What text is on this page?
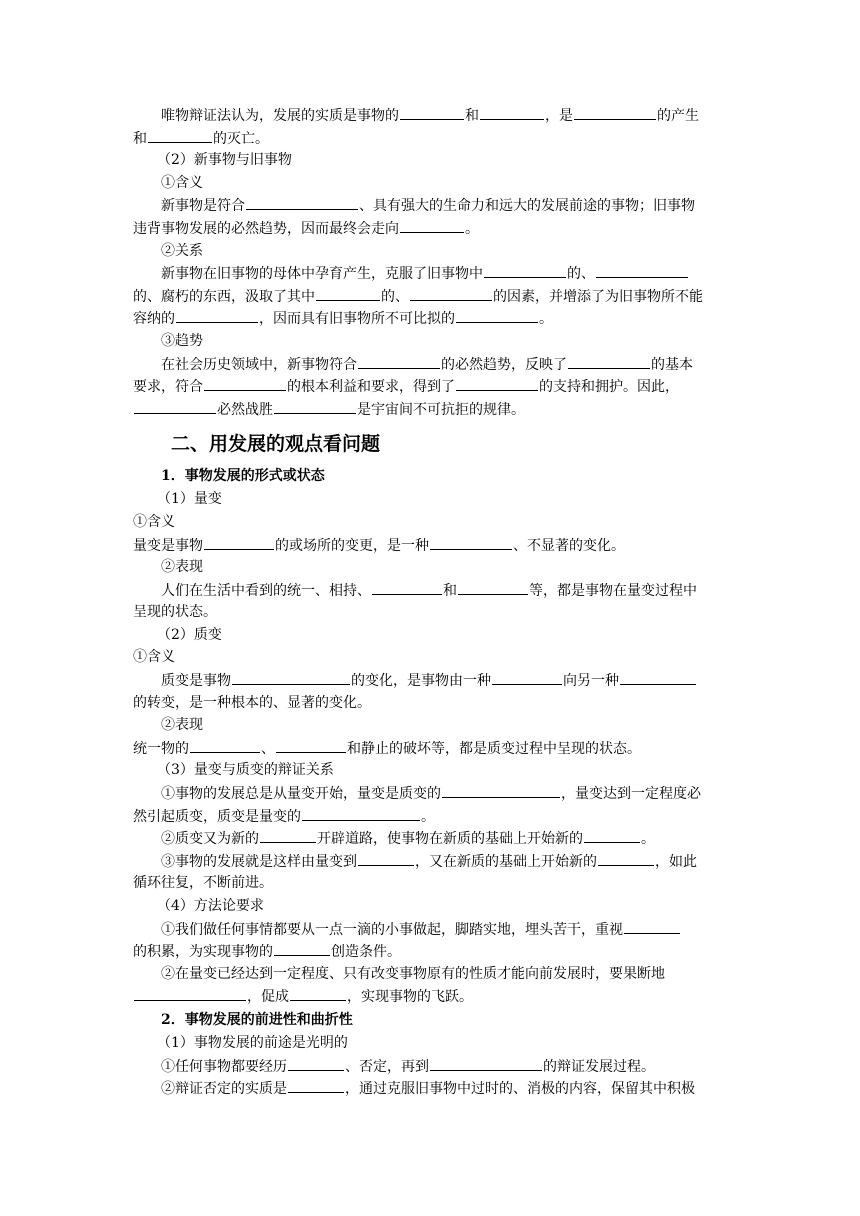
唯物辩证法认为，发展的实质是事物的	和	，是	的产生
和	的灭亡。
（2）新事物与旧事物
①含义
新事物是符合	、具有强大的生命力和远大的发展前途的事物；旧事物
违背事物发展的必然趋势，因而最终会走向	。
②关系
新事物在旧事物的母体中孕育产生，克服了旧事物中	的、
的、腐朽的东西，汲取了其中	的、	的因素，并增添了为旧事物所不能
容纳的	，因而具有旧事物所不可比拟的	。
③趋势
在社会历史领域中，新事物符合	的必然趋势，反映了	的基本
要求，符合	的根本利益和要求，得到了	的支持和拥护。因此，
必然战胜	是宇宙间不可抗拒的规律。
二、用发展的观点看问题
1．事物发展的形式或状态
（1）量变
①含义
量变是事物	的或场所的变更，是一种	、不显著的变化。
②表现
人们在生活中看到的统一、相持、	和	等，都是事物在量变过程中
呈现的状态。
（2）质变
①含义
质变是事物	的变化，是事物由一种	向另一种
的转变，是一种根本的、显著的变化。
②表现
统一物的	、	和静止的破坏等，都是质变过程中呈现的状态。
（3）量变与质变的辩证关系
①事物的发展总是从量变开始，量变是质变的	，量变达到一定程度必
然引起质变，质变是量变的	。
②质变又为新的	开辟道路，使事物在新质的基础上开始新的	。
③事物的发展就是这样由量变到	，又在新质的基础上开始新的	，如此
循环往复，不断前进。
（4）方法论要求
①我们做任何事情都要从一点一滴的小事做起，脚踏实地，埋头苦干，重视
的积累，为实现事物的	创造条件。
②在量变已经达到一定程度、只有改变事物原有的性质才能向前发展时，要果断地
，促成	，实现事物的飞跃。
2．事物发展的前进性和曲折性
（1）事物发展的前途是光明的
①任何事物都要经历	、否定，再到	的辩证发展过程。
②辩证否定的实质是	，通过克服旧事物中过时的、消极的内容，保留其中积极
